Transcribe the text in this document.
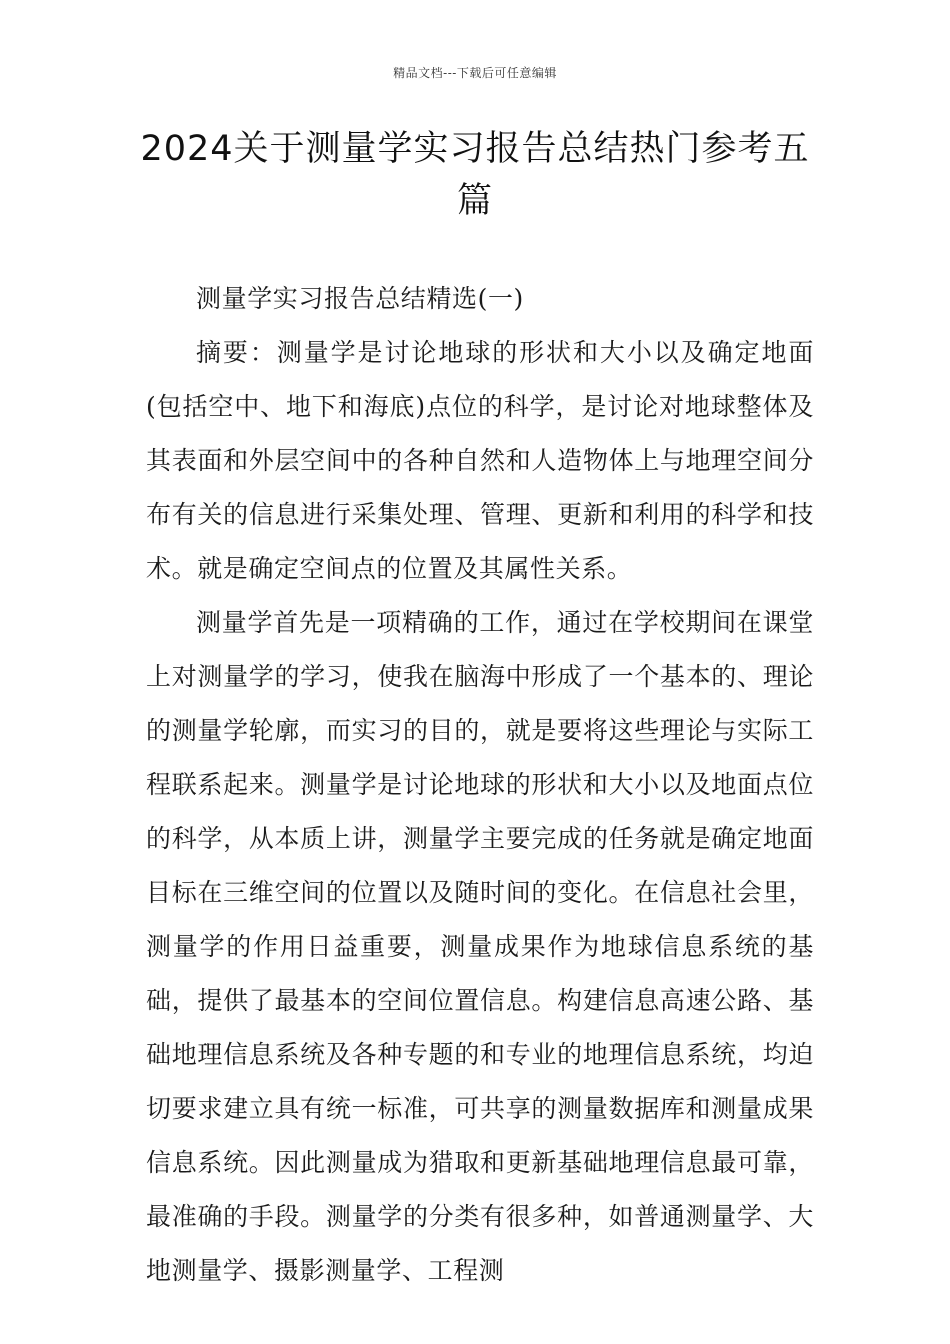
精品文档---下载后可任意编辑
2024关于测量学实习报告总结热门参考五篇

测量学实习报告总结精选(一)

摘要：测量学是讨论地球的形状和大小以及确定地面(包括空中、地下和海底)点位的科学，是讨论对地球整体及其表面和外层空间中的各种自然和人造物体上与地理空间分布有关的信息进行采集处理、管理、更新和利用的科学和技术。就是确定空间点的位置及其属性关系。

测量学首先是一项精确的工作，通过在学校期间在课堂上对测量学的学习，使我在脑海中形成了一个基本的、理论的测量学轮廓，而实习的目的，就是要将这些理论与实际工程联系起来。测量学是讨论地球的形状和大小以及地面点位的科学，从本质上讲，测量学主要完成的任务就是确定地面目标在三维空间的位置以及随时间的变化。在信息社会里，测量学的作用日益重要，测量成果作为地球信息系统的基础，提供了最基本的空间位置信息。构建信息高速公路、基础地理信息系统及各种专题的和专业的地理信息系统，均迫切要求建立具有统一标准，可共享的测量数据库和测量成果信息系统。因此测量成为猎取和更新基础地理信息最可靠，最准确的手段。测量学的分类有很多种，如普通测量学、大地测量学、摄影测量学、工程测
